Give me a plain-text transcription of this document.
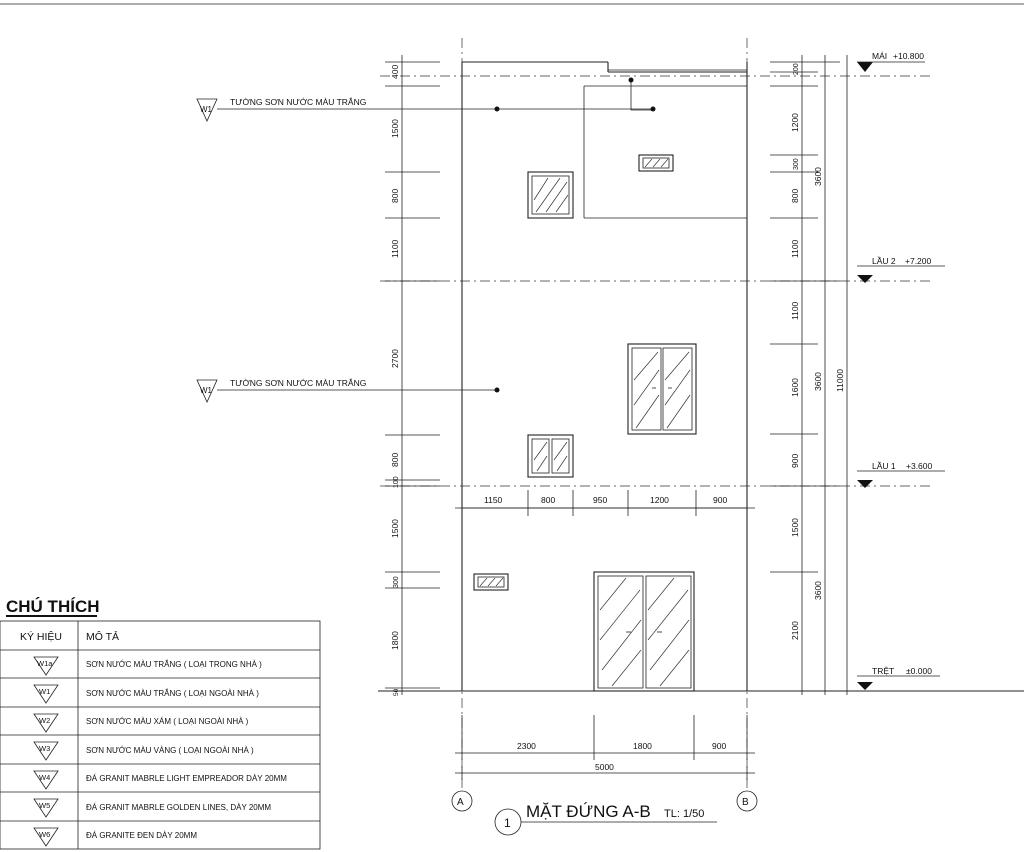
W1
TƯỜNG SƠN NƯỚC MÀU TRẮNG
W1
TƯỜNG SƠN NƯỚC MÀU TRẮNG
400
1500
800
1100
2700
800
100
1500
300
1800
50
200
1200
300
800
1100
1100
1600
900
1500
2100
3600
3600
3600
11000
MÁI +10.800
LẦU 2 +7.200
LẦU 1 +3.600
TRỆT ±0.000
1150	800	950	1200	900
2300	1800	900
5000
A	B
1
MẶT ĐỨNG A-B TL: 1/50
CHÚ THÍCH
KÝ HIỆU MÔ TẢ
W1a	SƠN NƯỚC MÀU TRẮNG ( LOẠI TRONG NHÀ )
W1	SƠN NƯỚC MÀU TRẮNG ( LOẠI NGOÀI NHÀ )
W2	SƠN NƯỚC MÀU XÁM ( LOẠI NGOÀI NHÀ )
W3	SƠN NƯỚC MÀU VÀNG ( LOẠI NGOÀI NHÀ )
W4	ĐÁ GRANIT MABRLE LIGHT EMPREADOR DÀY 20MM
W5	ĐÁ GRANIT MABRLE GOLDEN LINES, DÀY 20MM
W6	ĐÁ GRANITE ĐEN DÀY 20MM
